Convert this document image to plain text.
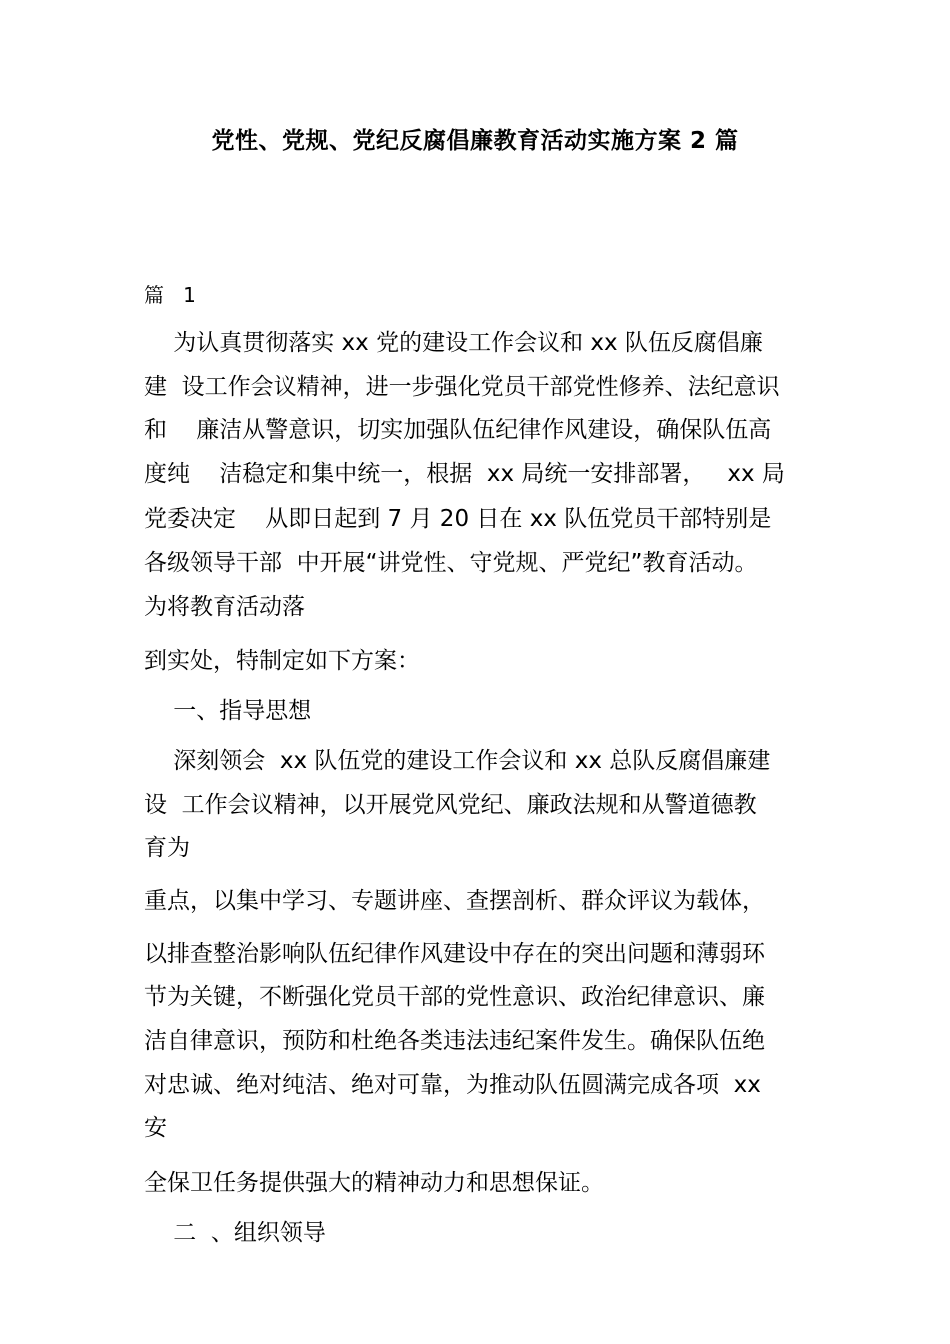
党性、党规、党纪反腐倡廉教育活动实施方案 2 篇
篇   1
为认真贯彻落实 xx 党的建设工作会议和 xx 队伍反腐倡廉
建  设工作会议精神，进一步强化党员干部党性修养、法纪意识
和    廉洁从警意识，切实加强队伍纪律作风建设，确保队伍高
度纯    洁稳定和集中统一，根据  xx 局统一安排部署，   xx 局
党委决定    从即日起到 7 月 20 日在 xx 队伍党员干部特别是
各级领导干部  中开展“讲党性、守党规、严党纪”教育活动。
为将教育活动落
到实处，特制定如下方案：
一、指导思想
深刻领会  xx 队伍党的建设工作会议和 xx 总队反腐倡廉建
设  工作会议精神，以开展党风党纪、廉政法规和从警道德教
育为
重点，以集中学习、专题讲座、查摆剖析、群众评议为载体，
以排查整治影响队伍纪律作风建设中存在的突出问题和薄弱环
节为关键，不断强化党员干部的党性意识、政治纪律意识、廉
洁自律意识，预防和杜绝各类违法违纪案件发生。确保队伍绝
对忠诚、绝对纯洁、绝对可靠，为推动队伍圆满完成各项  xx
安
全保卫任务提供强大的精神动力和思想保证。
二  、组织领导
